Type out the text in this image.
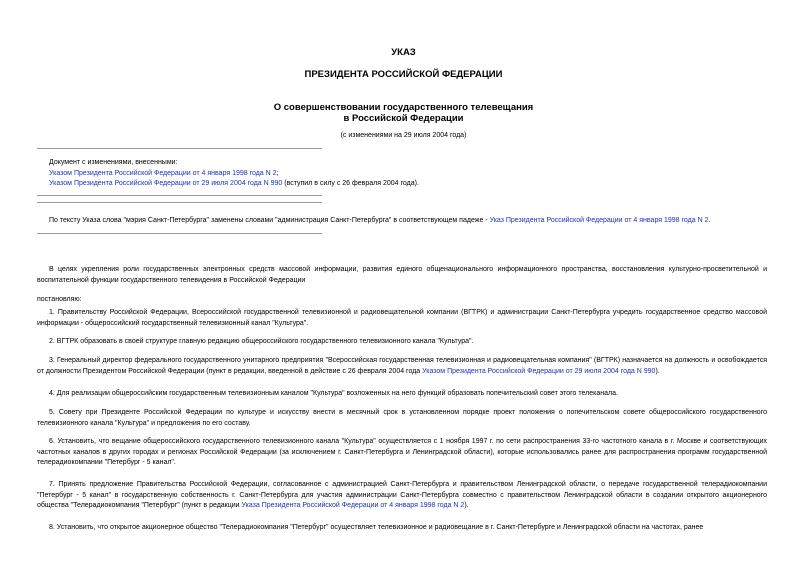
УКАЗ
ПРЕЗИДЕНТА РОССИЙСКОЙ ФЕДЕРАЦИИ
О совершенствовании государственного телевещания
в Российской Федерации
(с изменениями на 29 июля 2004 года)
Документ с изменениями, внесенными:
Указом Президента Российской Федерации от 4 января 1998 года N 2;
Указом Президента Российской Федерации от 29 июля 2004 года N 990 (вступил в силу с 26 февраля 2004 года).

По тексту Указа слова "мэрия Санкт-Петербурга" заменены словами "администрация Санкт-Петербурга" в соответствующем падеже - Указ Президента Российской Федерации от 4 января 1998 года N 2.

В целях укрепления роли государственных электронных средств массовой информации, развития единого общенационального информационного пространства, восстановления культурно-просветительной и воспитательной функции государственного телевидения в Российской Федерации

постановляю:

1. Правительству Российской Федерации, Всероссийской государственной телевизионной и радиовещательной компании (ВГТРК) и администрации Санкт-Петербурга учредить государственное средство массовой информации - общероссийский государственный телевизионный канал "Культура".

2. ВГТРК образовать в своей структуре главную редакцию общероссийского государственного телевизионного канала "Культура".

3. Генеральный директор федерального государственного унитарного предприятия "Всероссийская государственная телевизионная и радиовещательная компания" (ВГТРК) назначается на должность и освобождается от должности Президентом Российской Федерации (пункт в редакции, введенной в действие с 26 февраля 2004 года Указом Президента Российской Федерации от 29 июля 2004 года N 990).

4. Для реализации общероссийским государственным телевизионным каналом "Культура" возложенных на него функций образовать попечительский совет этого телеканала.

5. Совету при Президенте Российской Федерации по культуре и искусству внести в месячный срок в установленном порядке проект положения о попечительском совете общероссийского государственного телевизионного канала "Культура" и предложения по его составу.

6. Установить, что вещание общероссийского государственного телевизионного канала "Культура" осуществляется с 1 ноября 1997 г. по сети распространения 33-го частотного канала в г. Москве и соответствующих частотных каналов в других городах и регионах Российской Федерации (за исключением г. Санкт-Петербурга и Ленинградской области), которые использовались ранее для распространения программ государственной телерадиокомпании "Петербург - 5 канал".

7. Принять предложение Правительства Российской Федерации, согласованное с администрацией Санкт-Петербурга и правительством Ленинградской области, о передаче государственной телерадиокомпании "Петербург - 5 канал" в государственную собственность г. Санкт-Петербурга для участия администрации Санкт-Петербурга совместно с правительством Ленинградской области в создании открытого акционерного общества "Телерадиокомпания "Петербург" (пункт в редакции Указа Президента Российской Федерации от 4 января 1998 года N 2).

8. Установить, что открытое акционерное общество "Телерадиокомпания "Петербург" осуществляет телевизионное и радиовещание в г. Санкт-Петербурге и Ленинградской области на частотах, ранее
